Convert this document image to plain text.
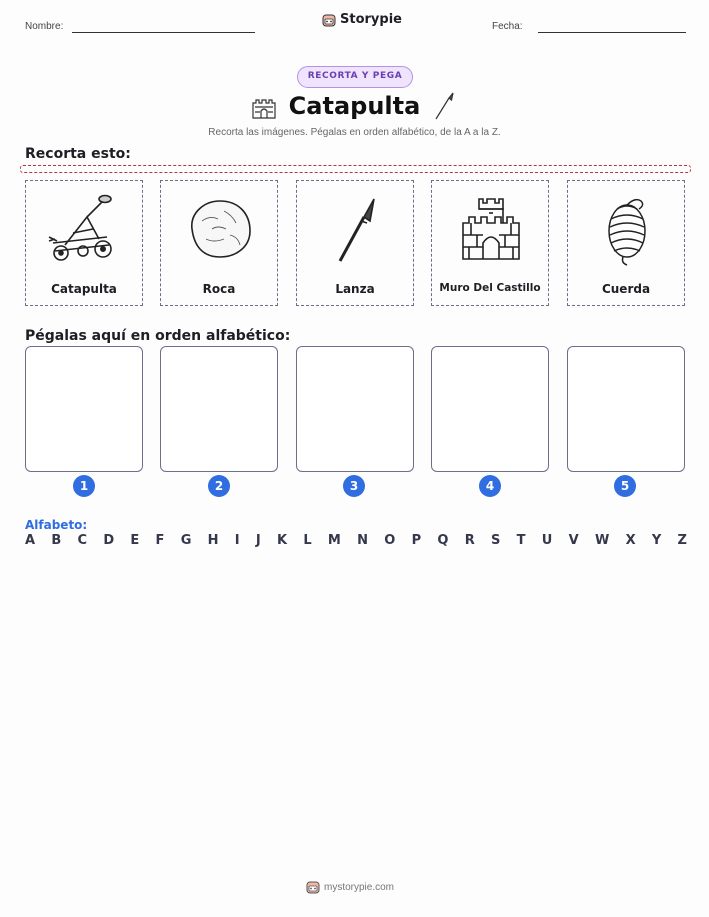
Nombre:	Storypie	Fecha:
RECORTA Y PEGA
Catapulta
Recorta las imágenes. Pégalas en orden alfabético, de la A a la Z.
Recorta esto:
Catapulta	Roca	Lanza	Muro Del Castillo	Cuerda
Pégalas aquí en orden alfabético:
1	2	3	4	5
Alfabeto:
A B C D E F G H I J K L M N O P Q R S T U V W X Y Z
mystorypie.com
